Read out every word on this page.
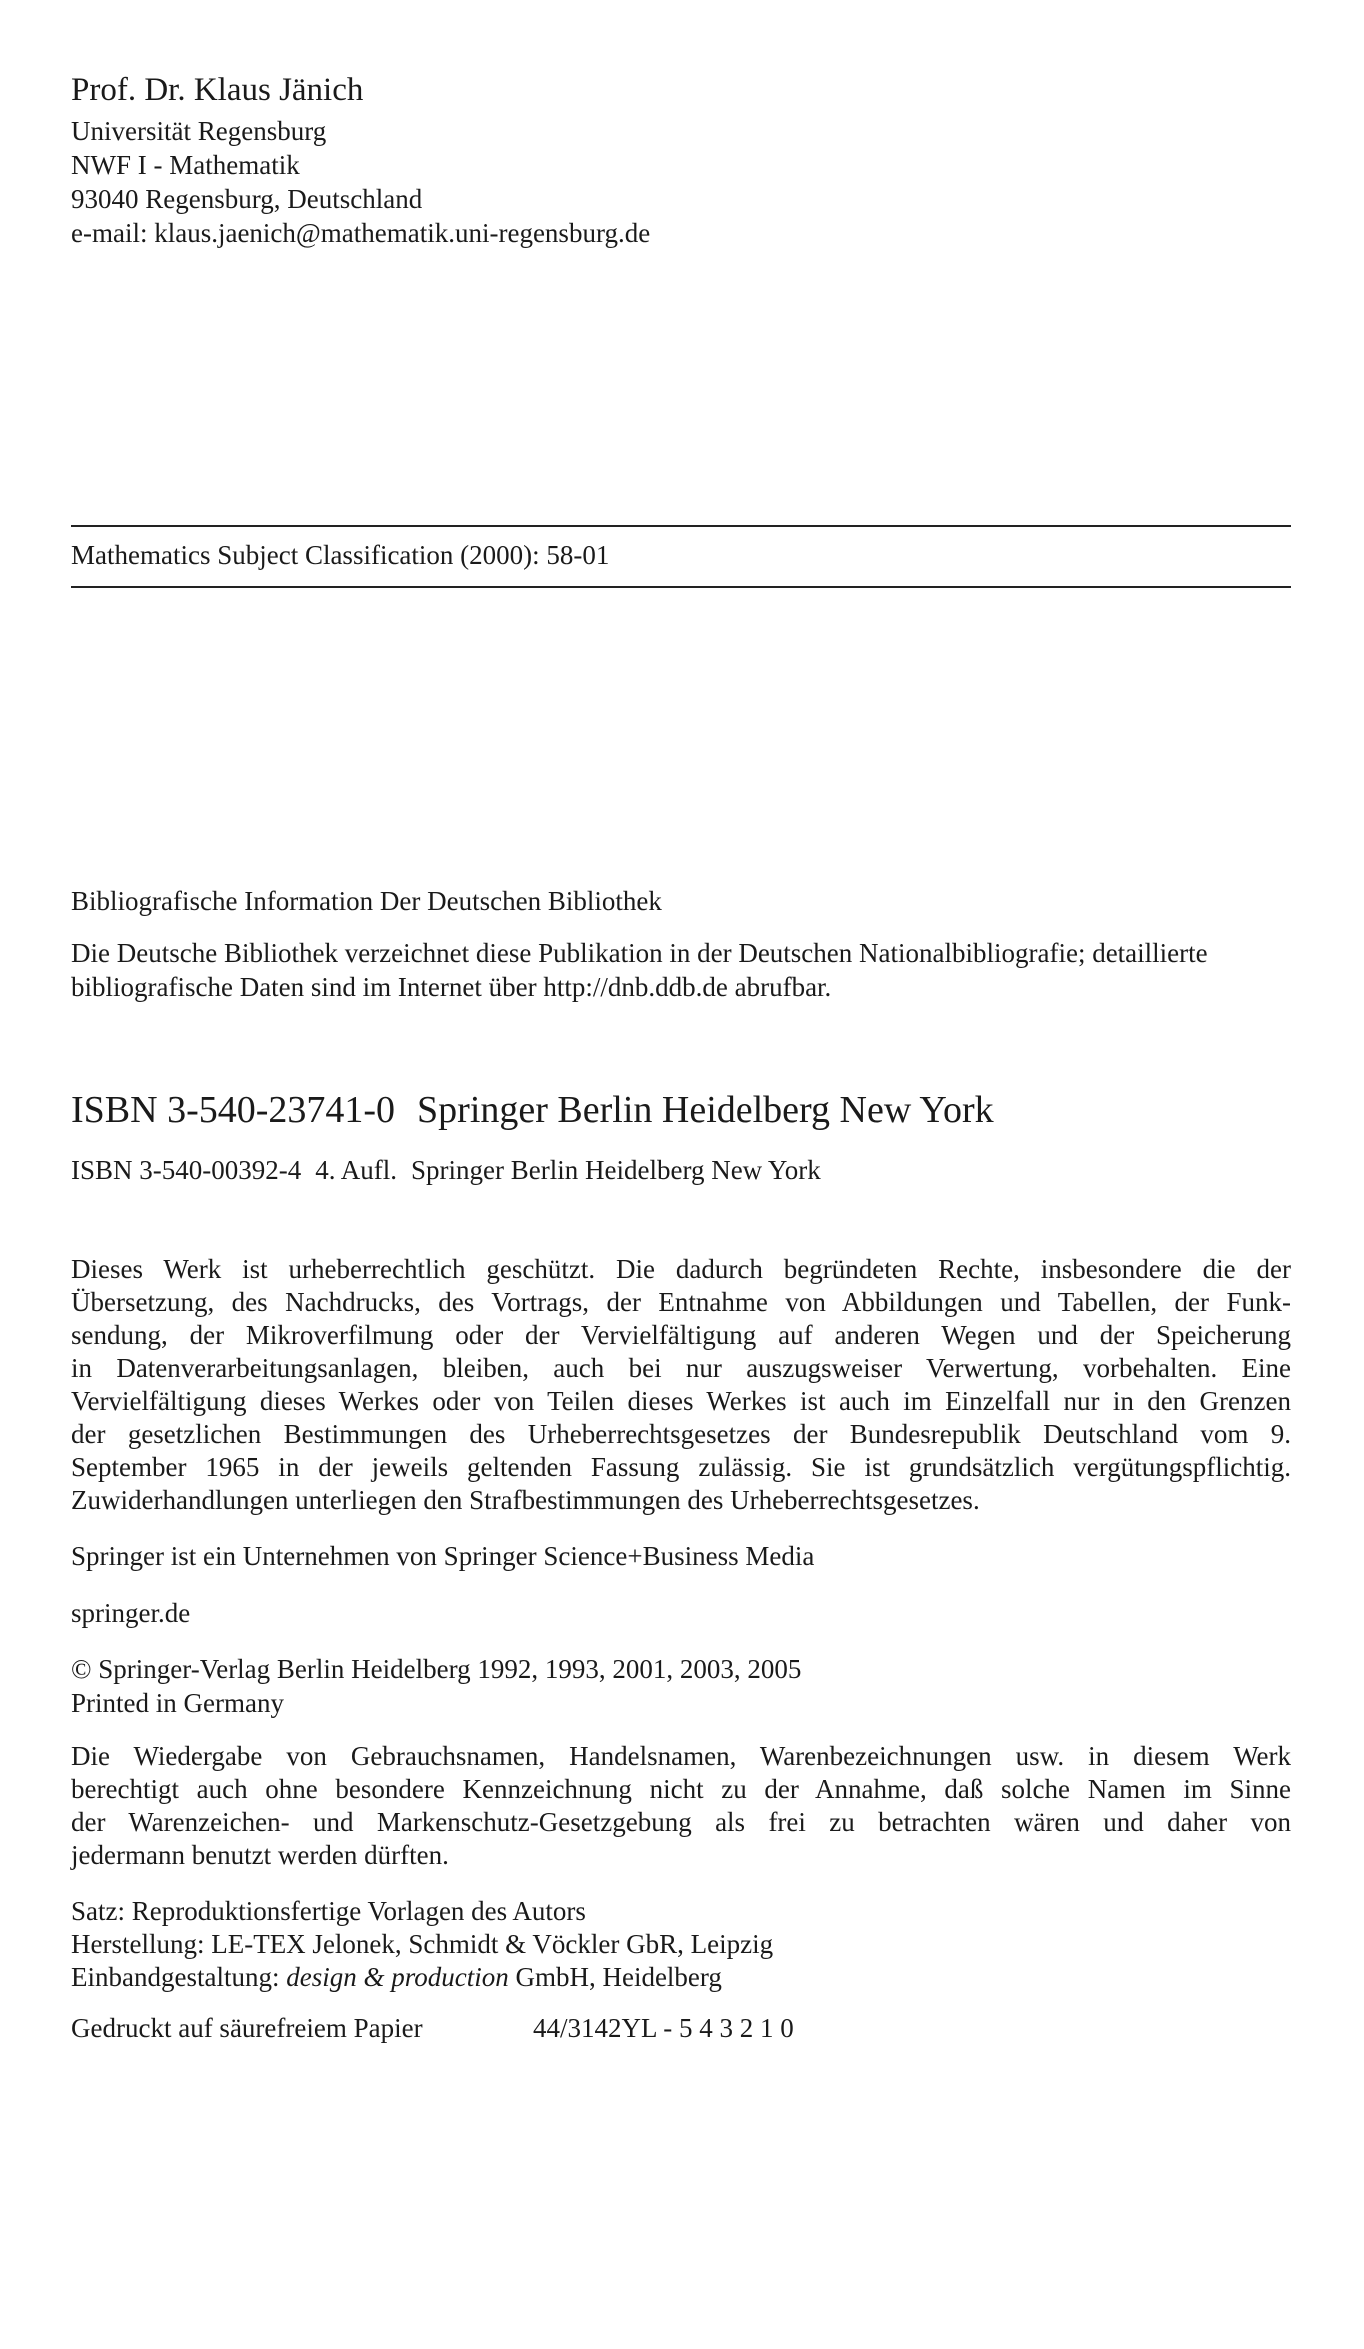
Prof. Dr. Klaus Jänich
Universität Regensburg
NWF I - Mathematik
93040 Regensburg, Deutschland
e-mail: klaus.jaenich@mathematik.uni-regensburg.de
Mathematics Subject Classification (2000): 58-01
Bibliografische Information Der Deutschen Bibliothek
Die Deutsche Bibliothek verzeichnet diese Publikation in der Deutschen Nationalbibliografie; detaillierte
bibliografische Daten sind im Internet über http://dnb.ddb.de abrufbar.
ISBN 3-540-23741-0 Springer Berlin Heidelberg New York
ISBN 3-540-00392-4 4. Aufl. Springer Berlin Heidelberg New York
Dieses Werk ist urheberrechtlich geschützt. Die dadurch begründeten Rechte, insbesondere die der
Übersetzung, des Nachdrucks, des Vortrags, der Entnahme von Abbildungen und Tabellen, der Funk-
sendung, der Mikroverfilmung oder der Vervielfältigung auf anderen Wegen und der Speicherung
in Datenverarbeitungsanlagen, bleiben, auch bei nur auszugsweiser Verwertung, vorbehalten. Eine
Vervielfältigung dieses Werkes oder von Teilen dieses Werkes ist auch im Einzelfall nur in den Grenzen
der gesetzlichen Bestimmungen des Urheberrechtsgesetzes der Bundesrepublik Deutschland vom 9.
September 1965 in der jeweils geltenden Fassung zulässig. Sie ist grundsätzlich vergütungspflichtig.
Zuwiderhandlungen unterliegen den Strafbestimmungen des Urheberrechtsgesetzes.
Springer ist ein Unternehmen von Springer Science+Business Media
springer.de
© Springer-Verlag Berlin Heidelberg 1992, 1993, 2001, 2003, 2005
Printed in Germany
Die Wiedergabe von Gebrauchsnamen, Handelsnamen, Warenbezeichnungen usw. in diesem Werk
berechtigt auch ohne besondere Kennzeichnung nicht zu der Annahme, daß solche Namen im Sinne
der Warenzeichen- und Markenschutz-Gesetzgebung als frei zu betrachten wären und daher von
jedermann benutzt werden dürften.
Satz: Reproduktionsfertige Vorlagen des Autors
Herstellung: LE-TEX Jelonek, Schmidt & Vöckler GbR, Leipzig
Einbandgestaltung: design & production GmbH, Heidelberg
Gedruckt auf säurefreiem Papier	44/3142YL - 5 4 3 2 1 0
